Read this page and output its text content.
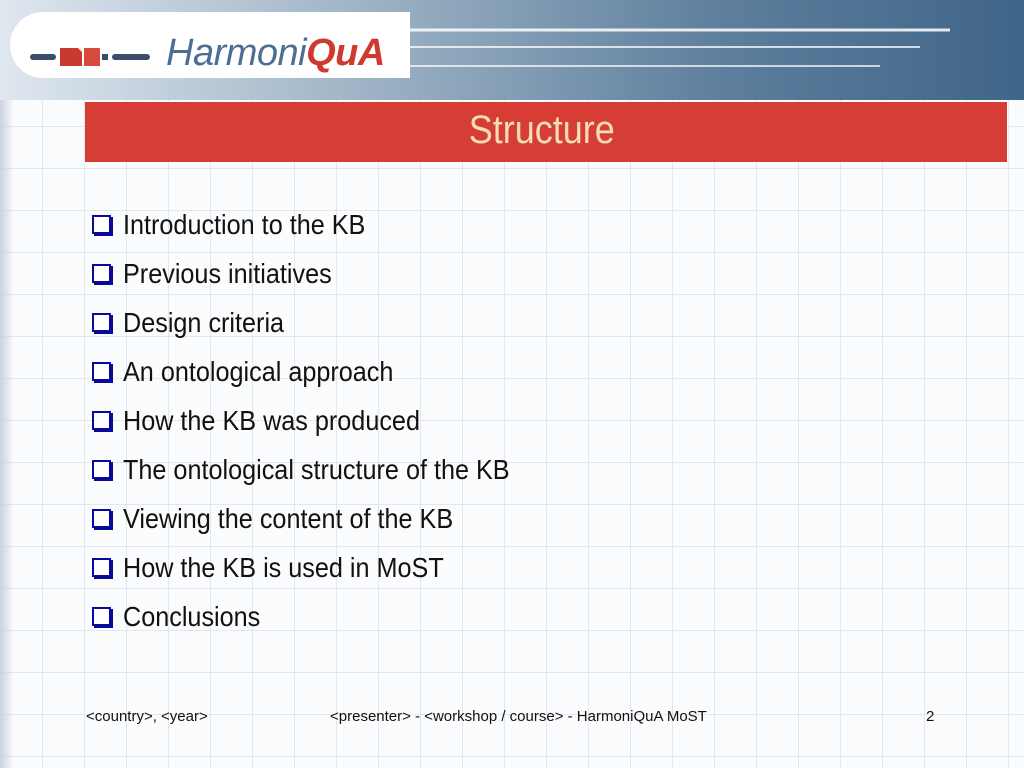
HarmoniQuA
Structure
Introduction to the KB
Previous initiatives
Design criteria
An ontological approach
How the KB was produced
The ontological structure of the KB
Viewing the content of the KB
How the KB is used in MoST
Conclusions
<country>, <year>	<presenter> - <workshop / course> - HarmoniQuA MoST	2
